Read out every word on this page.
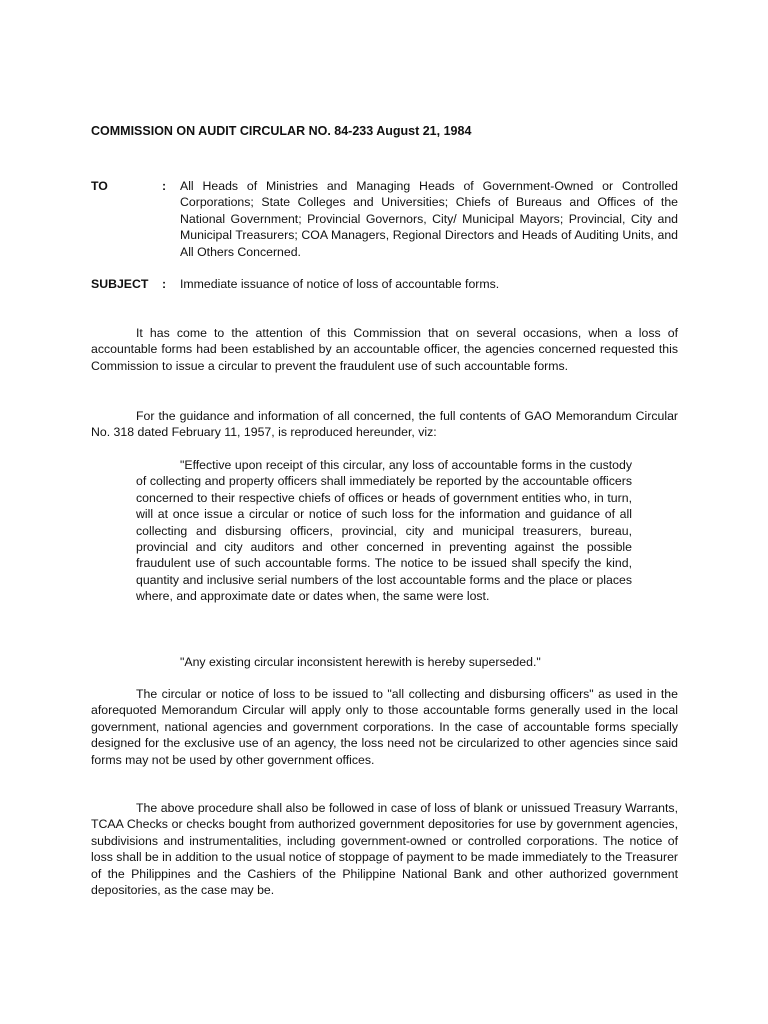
COMMISSION ON AUDIT CIRCULAR NO. 84-233 August 21, 1984

TO	: All Heads of Ministries and Managing Heads of Government-Owned or Controlled Corporations; State Colleges and Universities; Chiefs of Bureaus and Offices of the National Government; Provincial Governors, City/ Municipal Mayors; Provincial, City and Municipal Treasurers; COA Managers, Regional Directors and Heads of Auditing Units, and All Others Concerned.

SUBJECT : Immediate issuance of notice of loss of accountable forms.

It has come to the attention of this Commission that on several occasions, when a loss of accountable forms had been established by an accountable officer, the agencies concerned requested this Commission to issue a circular to prevent the fraudulent use of such accountable forms.

For the guidance and information of all concerned, the full contents of GAO Memorandum Circular No. 318 dated February 11, 1957, is reproduced hereunder, viz:

"Effective upon receipt of this circular, any loss of accountable forms in the custody of collecting and property officers shall immediately be reported by the accountable officers concerned to their respective chiefs of offices or heads of government entities who, in turn, will at once issue a circular or notice of such loss for the information and guidance of all collecting and disbursing officers, provincial, city and municipal treasurers, bureau, provincial and city auditors and other concerned in preventing against the possible fraudulent use of such accountable forms. The notice to be issued shall specify the kind, quantity and inclusive serial numbers of the lost accountable forms and the place or places where, and approximate date or dates when, the same were lost.

"Any existing circular inconsistent herewith is hereby superseded."

The circular or notice of loss to be issued to "all collecting and disbursing officers" as used in the aforequoted Memorandum Circular will apply only to those accountable forms generally used in the local government, national agencies and government corporations. In the case of accountable forms specially designed for the exclusive use of an agency, the loss need not be circularized to other agencies since said forms may not be used by other government offices.

The above procedure shall also be followed in case of loss of blank or unissued Treasury Warrants, TCAA Checks or checks bought from authorized government depositories for use by government agencies, subdivisions and instrumentalities, including government-owned or controlled corporations. The notice of loss shall be in addition to the usual notice of stoppage of payment to be made immediately to the Treasurer of the Philippines and the Cashiers of the Philippine National Bank and other authorized government depositories, as the case may be.
